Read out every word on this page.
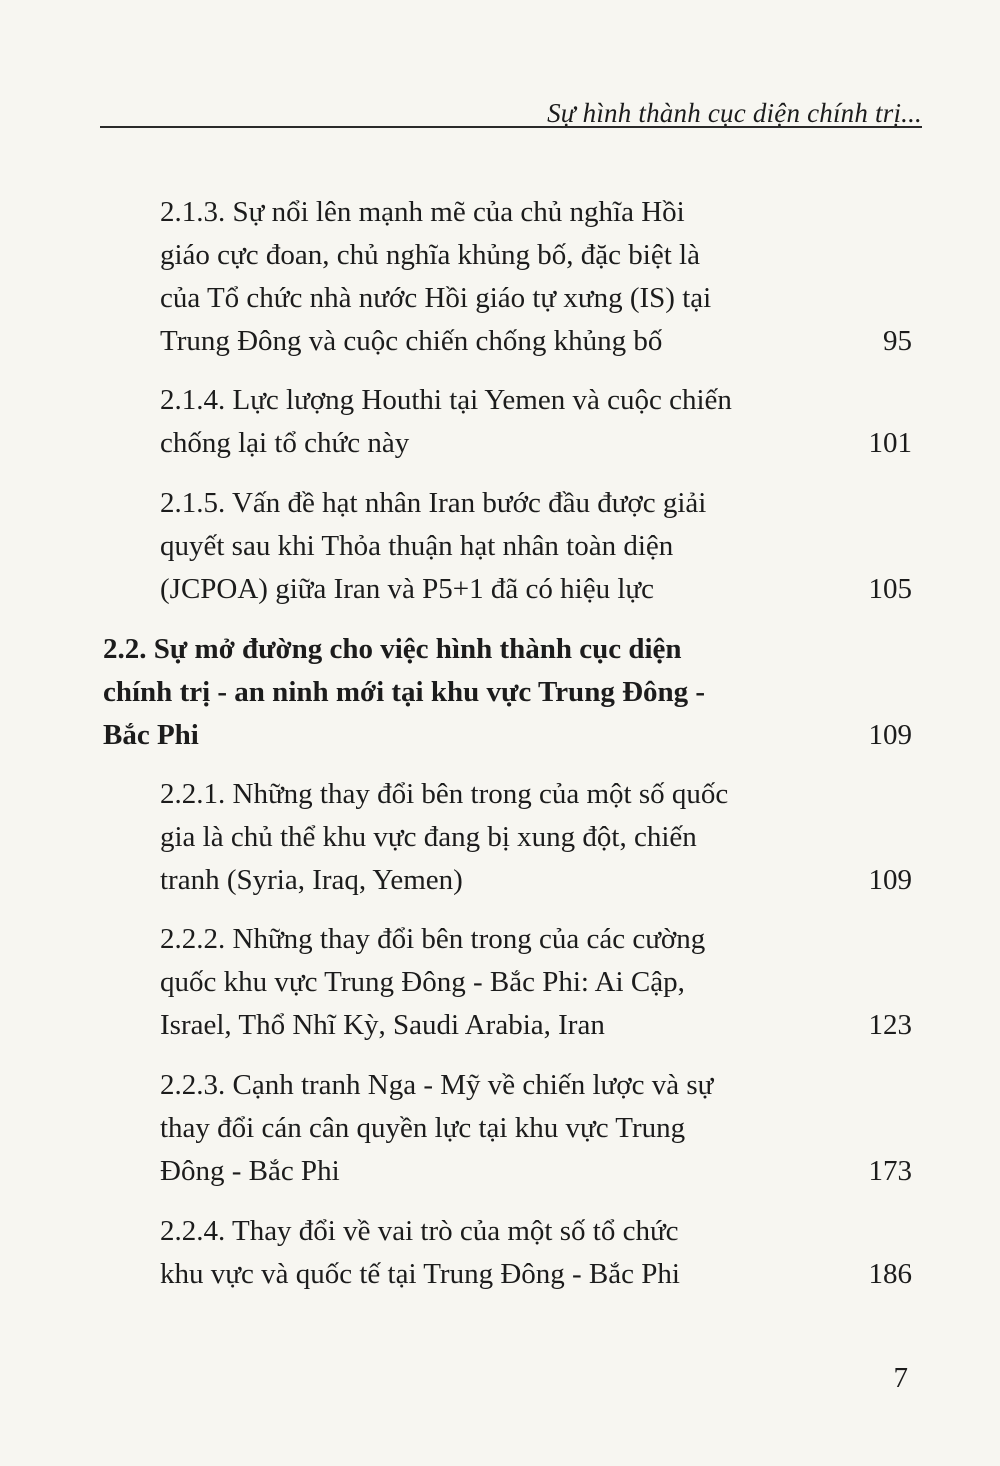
Sự hình thành cục diện chính trị...
2.1.3. Sự nổi lên mạnh mẽ của chủ nghĩa Hồi
giáo cực đoan, chủ nghĩa khủng bố, đặc biệt là
của Tổ chức nhà nước Hồi giáo tự xưng (IS) tại
Trung Đông và cuộc chiến chống khủng bố	95
2.1.4. Lực lượng Houthi tại Yemen và cuộc chiến
chống lại tổ chức này	101
2.1.5. Vấn đề hạt nhân Iran bước đầu được giải
quyết sau khi Thỏa thuận hạt nhân toàn diện
(JCPOA) giữa Iran và P5+1 đã có hiệu lực	105
2.2. Sự mở đường cho việc hình thành cục diện
chính trị - an ninh mới tại khu vực Trung Đông -
Bắc Phi	109
2.2.1. Những thay đổi bên trong của một số quốc
gia là chủ thể khu vực đang bị xung đột, chiến
tranh (Syria, Iraq, Yemen)	109
2.2.2. Những thay đổi bên trong của các cường
quốc khu vực Trung Đông - Bắc Phi: Ai Cập,
Israel, Thổ Nhĩ Kỳ, Saudi Arabia, Iran	123
2.2.3. Cạnh tranh Nga - Mỹ về chiến lược và sự
thay đổi cán cân quyền lực tại khu vực Trung
Đông - Bắc Phi	173
2.2.4. Thay đổi về vai trò của một số tổ chức
khu vực và quốc tế tại Trung Đông - Bắc Phi	186
7
